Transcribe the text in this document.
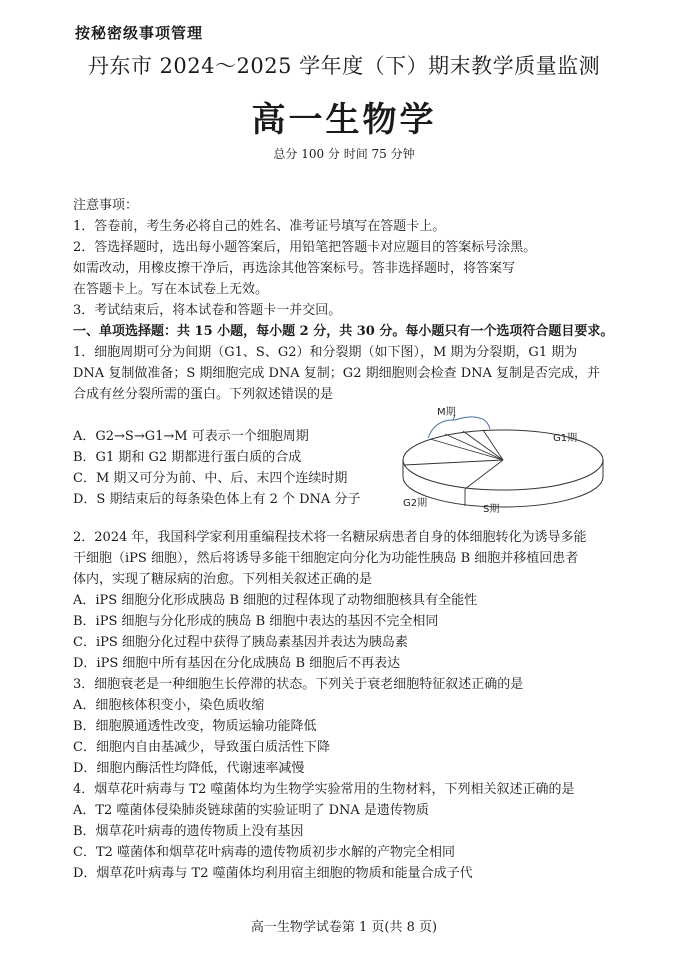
按秘密级事项管理
丹东市 2024～2025 学年度（下）期末教学质量监测
高一生物学
总分 100 分 时间 75 分钟
注意事项：
1．答卷前，考生务必将自己的姓名、准考证号填写在答题卡上。
2．答选择题时，选出每小题答案后，用铅笔把答题卡对应题目的答案标号涂黑。
如需改动，用橡皮擦干净后，再选涂其他答案标号。答非选择题时，将答案写
在答题卡上。写在本试卷上无效。
3．考试结束后，将本试卷和答题卡一并交回。
一、单项选择题：共 15 小题，每小题 2 分，共 30 分。每小题只有一个选项符合题目要求。
1．细胞周期可分为间期（G1、S、G2）和分裂期（如下图），M 期为分裂期，G1 期为
DNA 复制做准备；S 期细胞完成 DNA 复制；G2 期细胞则会检查 DNA 复制是否完成，并
合成有丝分裂所需的蛋白。下列叙述错误的是
A．G2→S→G1→M 可表示一个细胞周期
B．G1 期和 G2 期都进行蛋白质的合成
C．M 期又可分为前、中、后、末四个连续时期
D．S 期结束后的每条染色体上有 2 个 DNA 分子
M期
G1期
G2期
S期
2．2024 年，我国科学家利用重编程技术将一名糖尿病患者自身的体细胞转化为诱导多能
干细胞（iPS 细胞），然后将诱导多能干细胞定向分化为功能性胰岛 B 细胞并移植回患者
体内，实现了糖尿病的治愈。下列相关叙述正确的是
A．iPS 细胞分化形成胰岛 B 细胞的过程体现了动物细胞核具有全能性
B．iPS 细胞与分化形成的胰岛 B 细胞中表达的基因不完全相同
C．iPS 细胞分化过程中获得了胰岛素基因并表达为胰岛素
D．iPS 细胞中所有基因在分化成胰岛 B 细胞后不再表达
3．细胞衰老是一种细胞生长停滞的状态。下列关于衰老细胞特征叙述正确的是
A．细胞核体积变小，染色质收缩
B．细胞膜通透性改变，物质运输功能降低
C．细胞内自由基减少，导致蛋白质活性下降
D．细胞内酶活性均降低，代谢速率减慢
4．烟草花叶病毒与 T2 噬菌体均为生物学实验常用的生物材料，下列相关叙述正确的是
A．T2 噬菌体侵染肺炎链球菌的实验证明了 DNA 是遗传物质
B．烟草花叶病毒的遗传物质上没有基因
C．T2 噬菌体和烟草花叶病毒的遗传物质初步水解的产物完全相同
D．烟草花叶病毒与 T2 噬菌体均利用宿主细胞的物质和能量合成子代
高一生物学试卷第 1 页(共 8 页)
